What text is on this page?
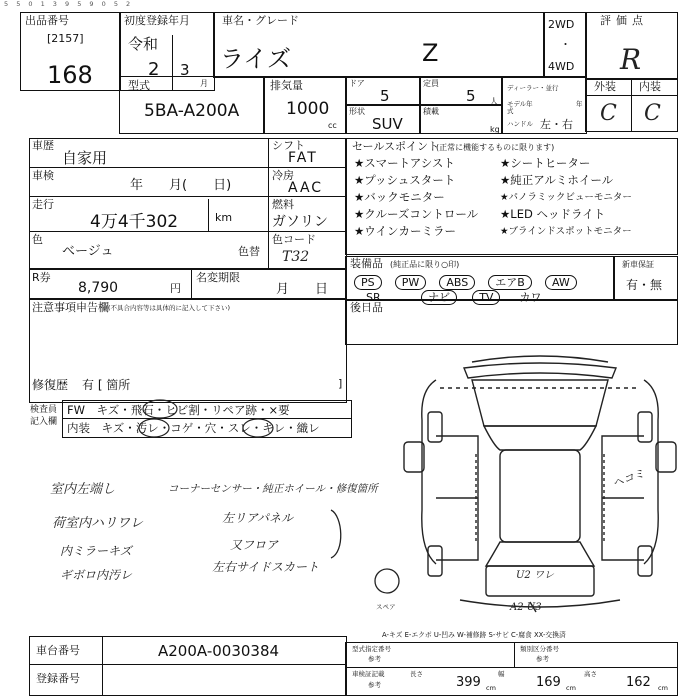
5 5 0 1 3 9 5 9 0 5 2
出品番号
[2157]
168
初度登録年月
令和
2 3
月
車名・グレード
ライズ	Z
2WD
・
4WD
評価点
R
外装 内装
C C
型式
5BA-A200A
排気量
1000
cc
ドア
5
定員
5 人
ディーラー・並行
モデル年式
年
ハンドル 左・右
形状
SUV
積載
kg
車歴
自家用
車検
年　　月(　　日)
走行
4万4千302	km
色
ベージュ	色替
シフト
FAT
冷房
AAC
燃料
ガソリン
色コード
T32
R券
8,790	円
名変期限
月　　日
注意事項申告欄 (不具合内容等は具体的に記入して下さい)
修復歴 有 [ 箇所	]
セールスポイント
(正常に機能するものに限ります)
★スマートアシスト
★プッシュスタート
★バックモニター
★クルーズコントロール
★ウインカーミラー
★シートヒーター
★純正アルミホイール
★パノラミックビューモニター
★LED ヘッドライト
★ブラインドスポットモニター
装備品 (純正品に限り○印)
PS PW ABS エアB AW
SR	ナビ	TV カワ
新車保証
有・無
後日品
FW　キズ・飛石・ヒビ割・リペア跡・×要
内装　キズ・汚レ・コゲ・穴・スレ・キレ・織レ
検査員
記入欄
室内左端し
荷室内ハリワレ
内ミラーキズ
ギボロ内汚レ
コーナーセンサー・純正ホイール・修復箇所
左リアパネル
又フロア
左右サイドスカート
スペア
ヘコミ
U2 ワレ
A2 U3
A-キズ E-エクボ U-凹み W-補修跡 S-サビ C-腐食 XX-交換済
車台番号	A200A-0030384
登録番号
型式指定番号
参考
類別区分番号
参考
車検証記載
参考
長さ
399 cm
幅
169 cm
高さ
162 cm
